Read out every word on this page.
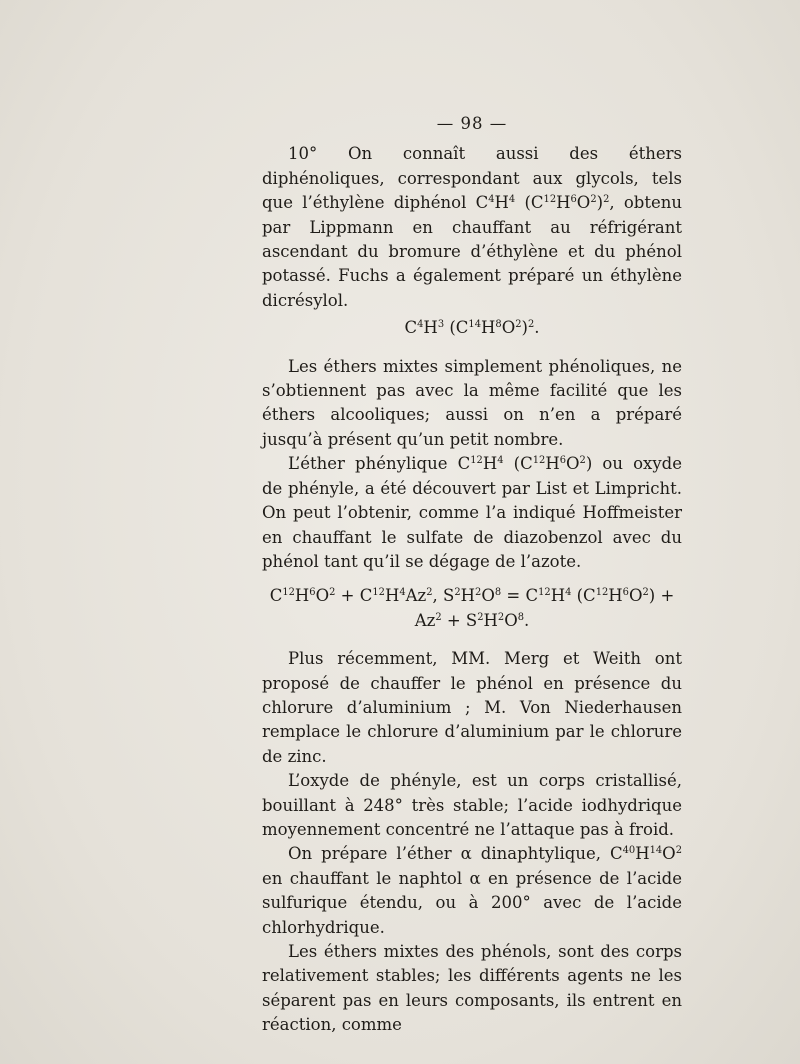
— 98 —

10° On connaît aussi des éthers diphénoliques, correspondant aux glycols, tels que l’éthylène diphénol $C^4H^4$ $(C^{12}H^6O^2)^2$, obtenu par Lippmann en chauffant au réfrigérant ascendant du bromure d’éthylène et du phénol potassé. Fuchs a également préparé un éthylène dicrésylol.

$C^4H^3$ $(C^{14}H^8O^2)^2$.

Les éthers mixtes simplement phénoliques, ne s’obtiennent pas avec la même facilité que les éthers alcooliques; aussi on n’en a préparé jusqu’à présent qu’un petit nombre.

L’éther phénylique $C^{12}H^4$ $(C^{12}H^6O^2)$ ou oxyde de phényle, a été découvert par List et Limpricht. On peut l’obtenir, comme l’a indiqué Hoffmeister en chauffant le sulfate de diazobenzol avec du phénol tant qu’il se dégage de l’azote.

$C^{12}H^6O^2 + C^{12}H^4Az^2$, $S^2H^2O^8 = C^{12}H^4$ $(C^{12}H^6O^2)$ +
$Az^2 + S^2H^2O^8$.

Plus récemment, MM. Merg et Weith ont proposé de chauffer le phénol en présence du chlorure d’aluminium ; M. Von Niederhausen remplace le chlorure d’aluminium par le chlorure de zinc.

L’oxyde de phényle, est un corps cristallisé, bouillant à 248° très stable; l’acide iodhydrique moyennement concentré ne l’attaque pas à froid.

On prépare l’éther α dinaphtylique, $C^{40}H^{14}O^2$ en chauffant le naphtol α en présence de l’acide sulfurique étendu, ou à 200° avec de l’acide chlorhydrique.

Les éthers mixtes des phénols, sont des corps relativement stables; les différents agents ne les séparent pas en leurs composants, ils entrent en réaction, comme
